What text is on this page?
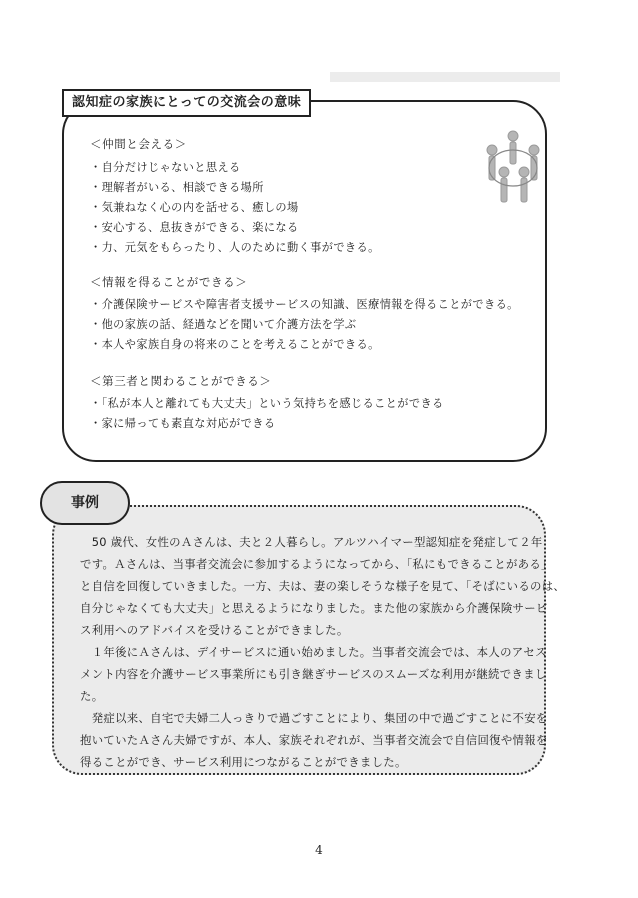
認知症の家族にとっての交流会の意味
＜仲間と会える＞
・自分だけじゃないと思える
・理解者がいる、相談できる場所
・気兼ねなく心の内を話せる、癒しの場
・安心する、息抜きができる、楽になる
・力、元気をもらったり、人のために動く事ができる。
＜情報を得ることができる＞
・介護保険サービスや障害者支援サービスの知識、医療情報を得ることができる。
・他の家族の話、経過などを聞いて介護方法を学ぶ
・本人や家族自身の将来のことを考えることができる。
＜第三者と関わることができる＞
・「私が本人と離れても大丈夫」という気持ちを感じることができる
・家に帰っても素直な対応ができる
事例
　50 歳代、女性のＡさんは、夫と２人暮らし。アルツハイマー型認知症を発症して２年
です。Ａさんは、当事者交流会に参加するようになってから、「私にもできることがある」
と自信を回復していきました。一方、夫は、妻の楽しそうな様子を見て、「そばにいるのは、
自分じゃなくても大丈夫」と思えるようになりました。また他の家族から介護保険サービ
ス利用へのアドバイスを受けることができました。
　１年後にＡさんは、デイサービスに通い始めました。当事者交流会では、本人のアセス
メント内容を介護サービス事業所にも引き継ぎサービスのスムーズな利用が継続できまし
た。
　発症以来、自宅で夫婦二人っきりで過ごすことにより、集団の中で過ごすことに不安を
抱いていたＡさん夫婦ですが、本人、家族それぞれが、当事者交流会で自信回復や情報を
得ることができ、サービス利用につながることができました。
4
